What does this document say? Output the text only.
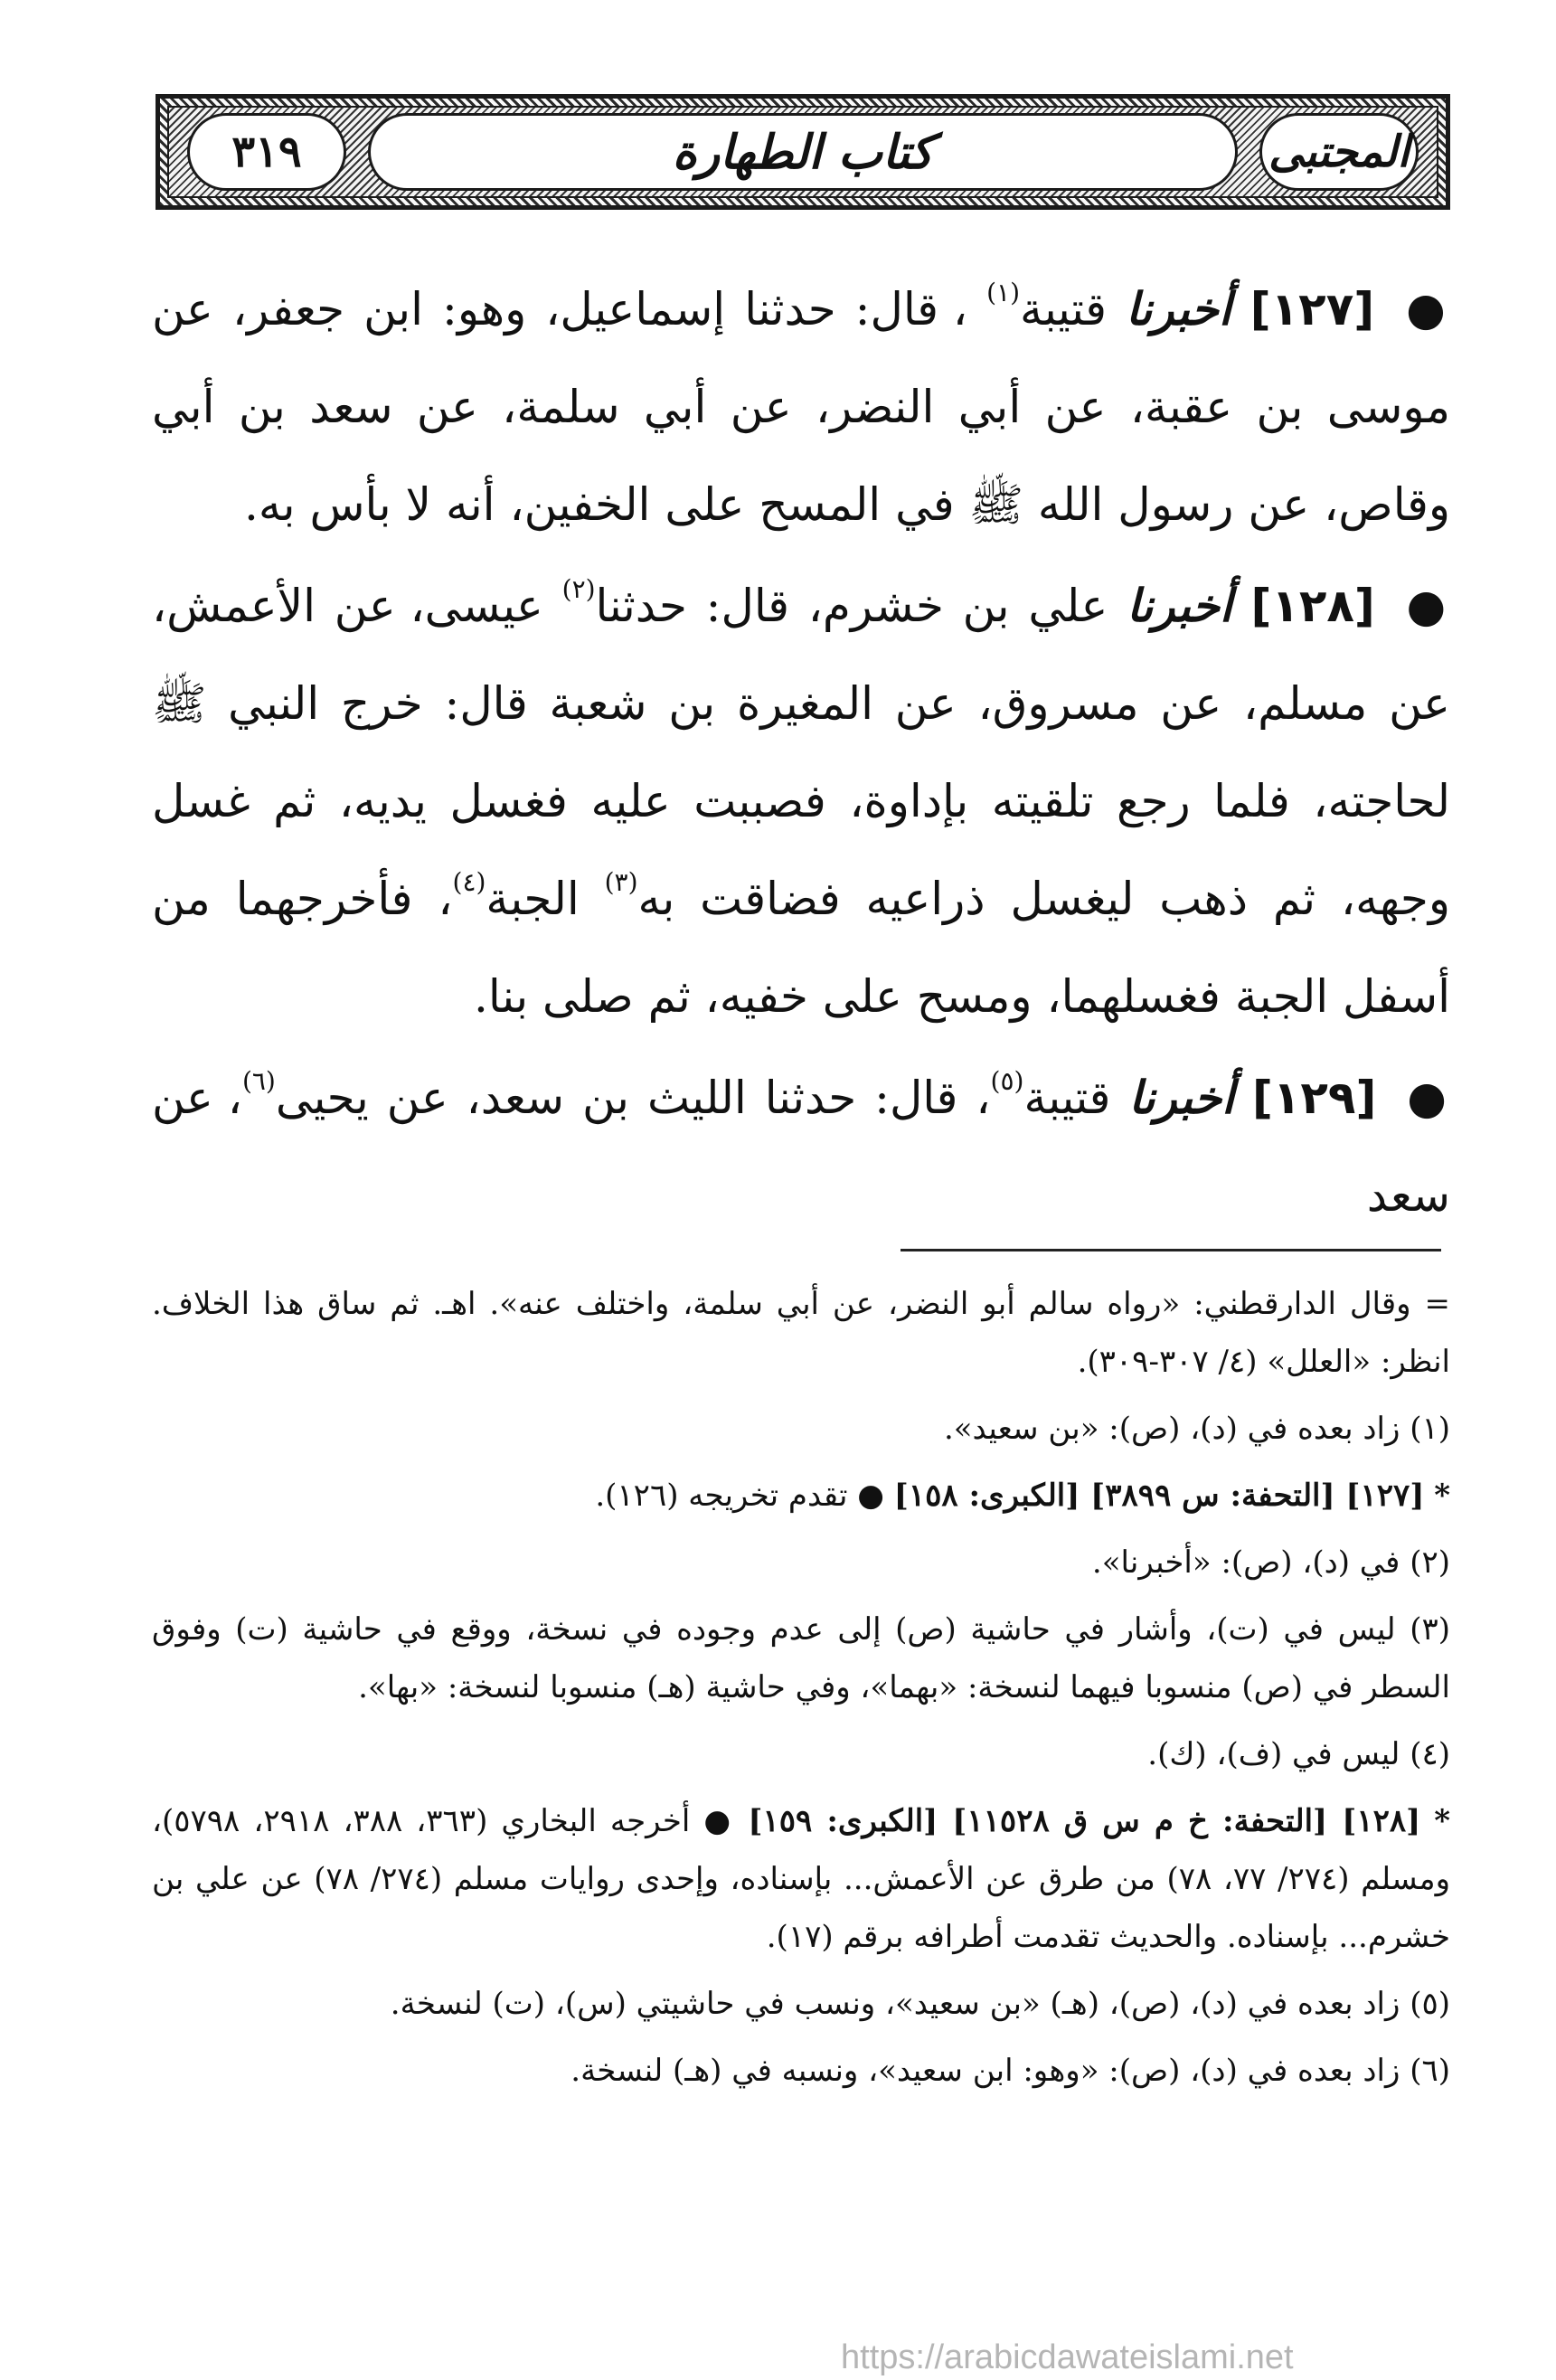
المجتبى
كتاب الطهارة
٣١٩

● [١٢٧] أخبرنا قتيبة$^{(١)}$ ، قال: حدثنا إسماعيل، وهو: ابن جعفر، عن موسى بن عقبة، عن أبي النضر، عن أبي سلمة، عن سعد بن أبي وقاص، عن رسول الله ﷺ في المسح على الخفين، أنه لا بأس به.

● [١٢٨] أخبرنا علي بن خشرم، قال: حدثنا$^{(٢)}$ عيسى، عن الأعمش، عن مسلم، عن مسروق، عن المغيرة بن شعبة قال: خرج النبي ﷺ لحاجته، فلما رجع تلقيته بإداوة، فصببت عليه فغسل يديه، ثم غسل وجهه، ثم ذهب ليغسل ذراعيه فضاقت به$^{(٣)}$ الجبة$^{(٤)}$، فأخرجهما من أسفل الجبة فغسلهما، ومسح على خفيه، ثم صلى بنا.

● [١٢٩] أخبرنا قتيبة$^{(٥)}$، قال: حدثنا الليث بن سعد، عن يحيى$^{(٦)}$، عن سعد

= وقال الدارقطني: «رواه سالم أبو النضر، عن أبي سلمة، واختلف عنه». اهـ. ثم ساق هذا الخلاف. انظر: «العلل» (٤/ ٣٠٧-٣٠٩).

(١) زاد بعده في (د)، (ص): «بن سعيد».

* [١٢٧] [التحفة: س ٣٨٩٩] [الكبرى: ١٥٨] ● تقدم تخريجه (١٢٦).

(٢) في (د)، (ص): «أخبرنا».

(٣) ليس في (ت)، وأشار في حاشية (ص) إلى عدم وجوده في نسخة، ووقع في حاشية (ت) وفوق السطر في (ص) منسوبا فيهما لنسخة: «بهما»، وفي حاشية (هـ) منسوبا لنسخة: «بها».

(٤) ليس في (ف)، (ك).

* [١٢٨] [التحفة: خ م س ق ١١٥٢٨] [الكبرى: ١٥٩] ● أخرجه البخاري (٣٦٣، ٣٨٨، ٢٩١٨، ٥٧٩٨)، ومسلم (٢٧٤/ ٧٧، ٧٨) من طرق عن الأعمش... بإسناده، وإحدى روايات مسلم (٢٧٤/ ٧٨) عن علي بن خشرم... بإسناده. والحديث تقدمت أطرافه برقم (١٧).

(٥) زاد بعده في (د)، (ص)، (هـ) «بن سعيد»، ونسب في حاشيتي (س)، (ت) لنسخة.

(٦) زاد بعده في (د)، (ص): «وهو: ابن سعيد»، ونسبه في (هـ) لنسخة.

https://arabicdawateislami.net
